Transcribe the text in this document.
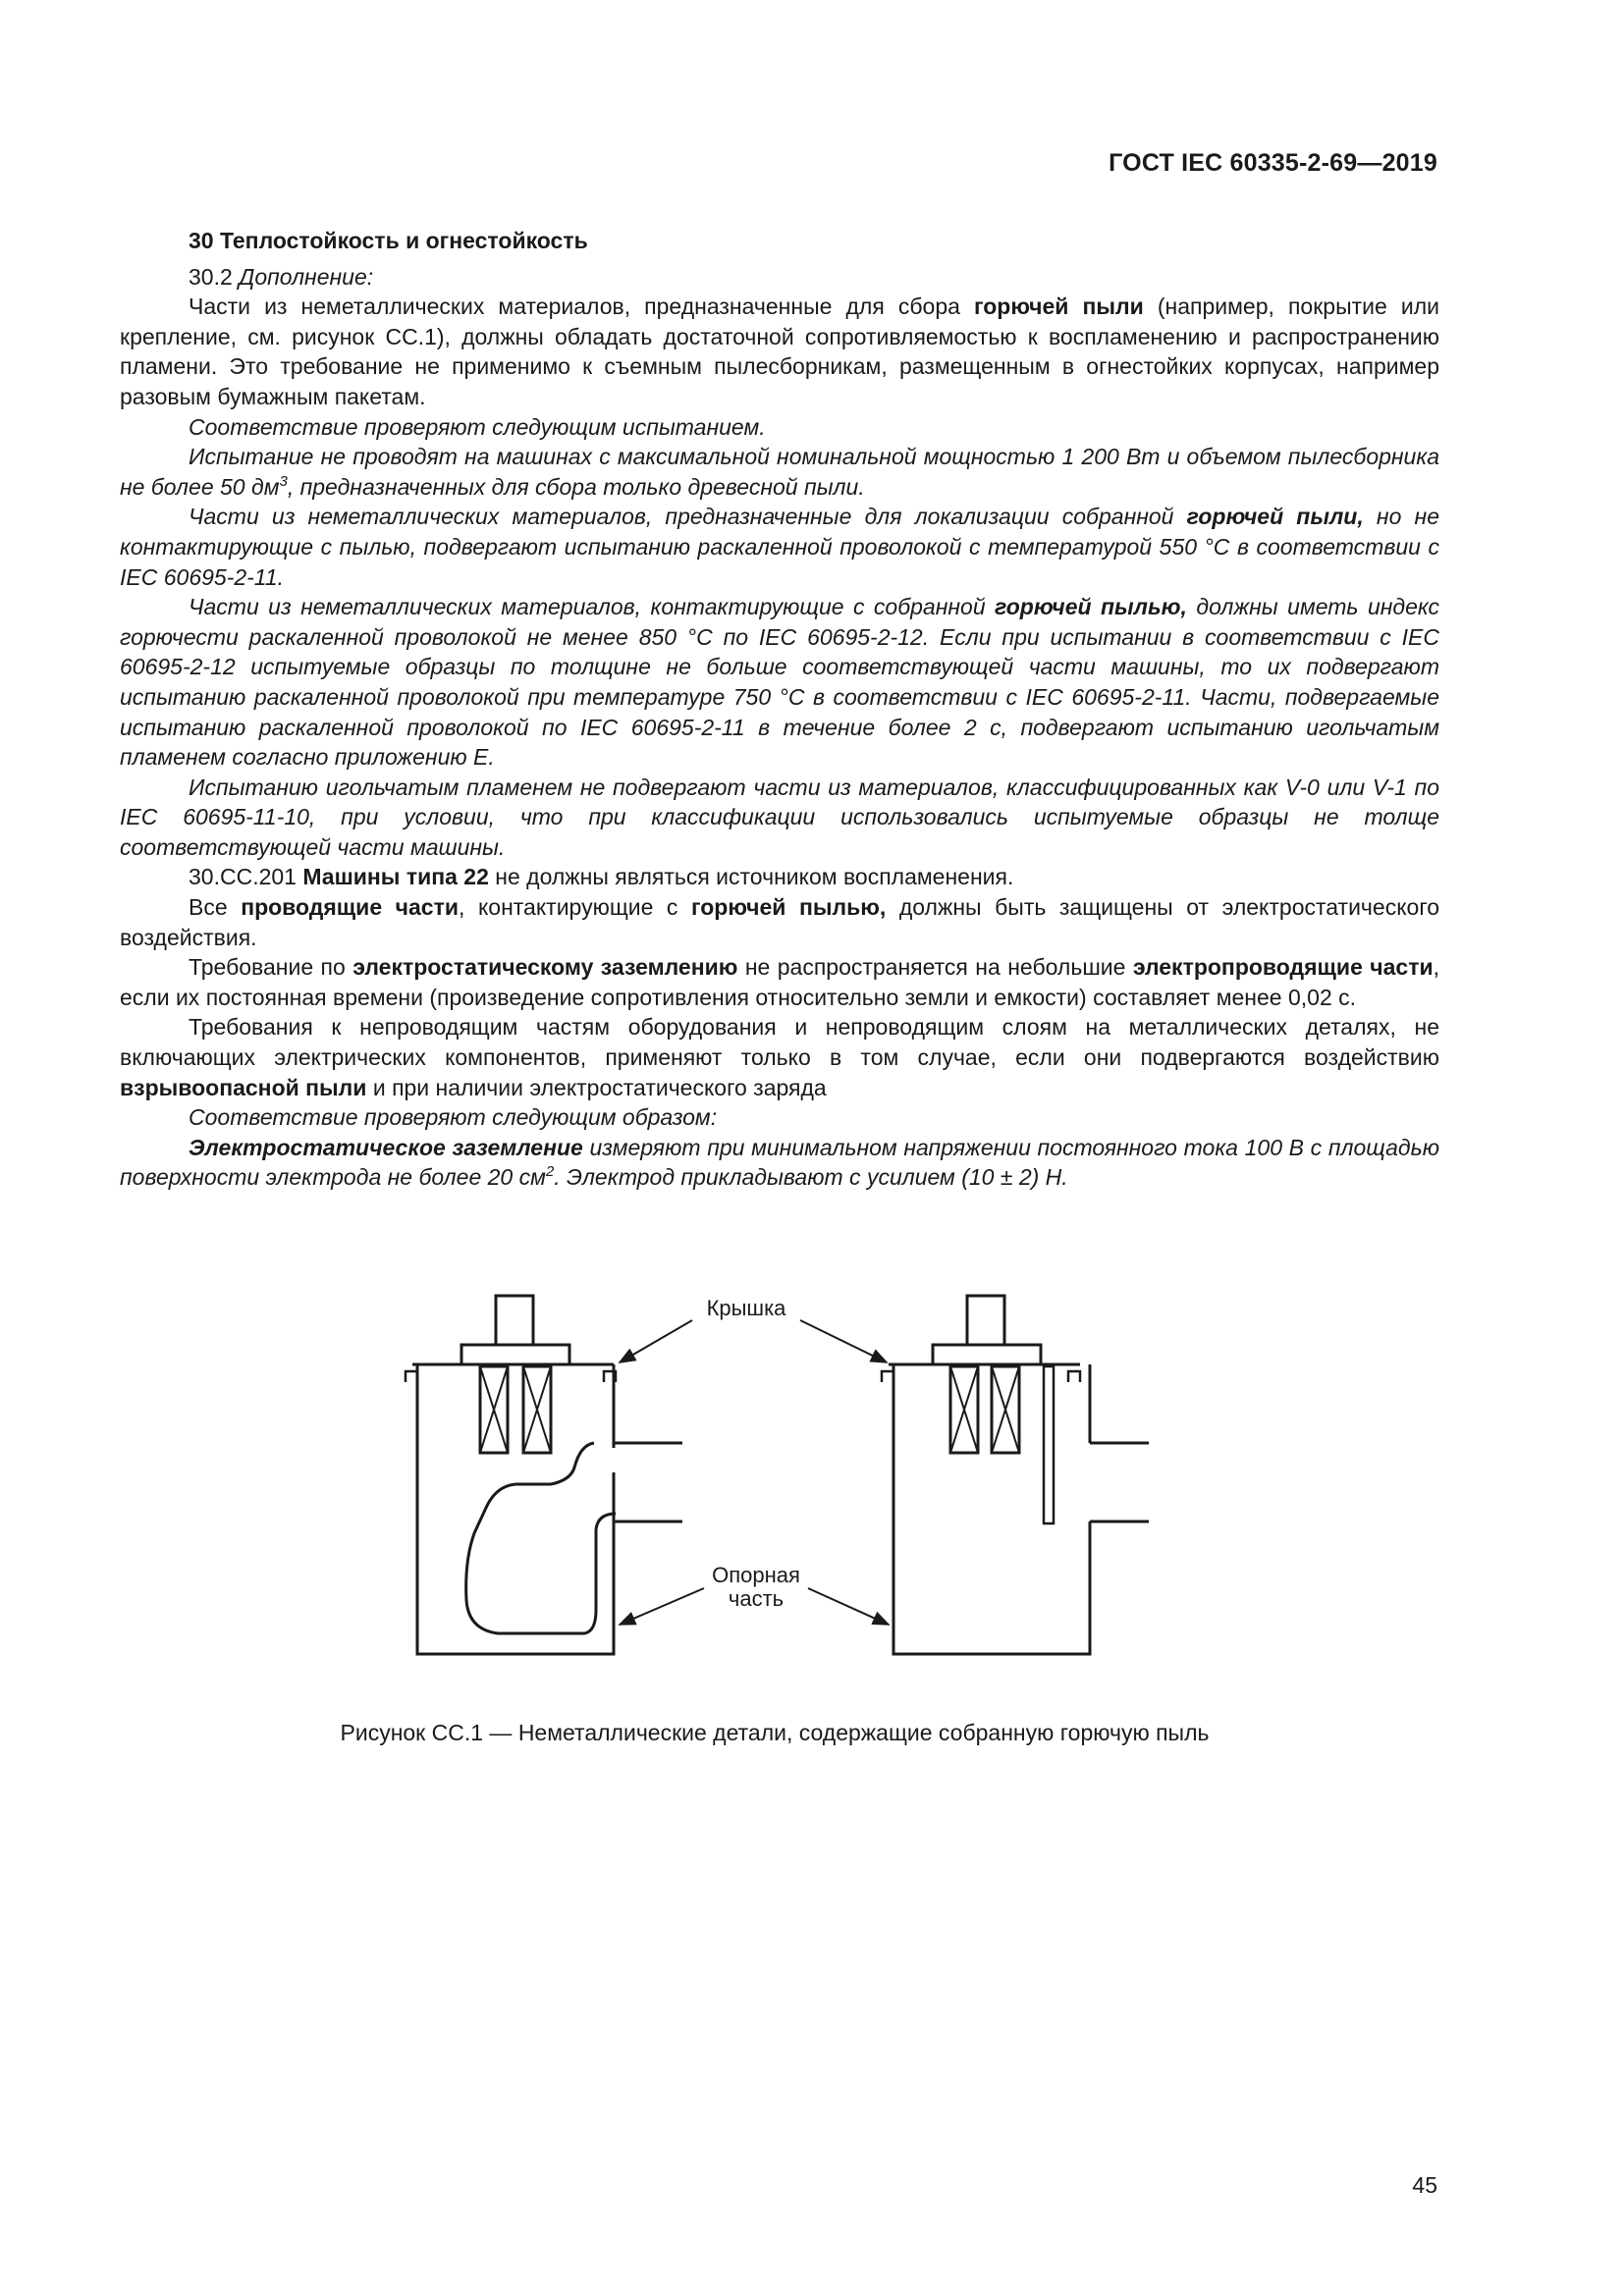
ГОСТ IEC 60335-2-69—2019

30 Теплостойкость и огнестойкость

30.2 Дополнение:

Части из неметаллических материалов, предназначенные для сбора горючей пыли (например, покрытие или крепление, см. рисунок СС.1), должны обладать достаточной сопротивляемостью к воспламенению и распространению пламени. Это требование не применимо к съемным пылесборникам, размещенным в огнестойких корпусах, например разовым бумажным пакетам.

Соответствие проверяют следующим испытанием.

Испытание не проводят на машинах с максимальной номинальной мощностью 1 200 Вт и объемом пылесборника не более 50 $дм^3$, предназначенных для сбора только древесной пыли.

Части из неметаллических материалов, предназначенные для локализации собранной горючей пыли, но не контактирующие с пылью, подвергают испытанию раскаленной проволокой с температурой 550 °С в соответствии с IEC 60695-2-11.

Части из неметаллических материалов, контактирующие с собранной горючей пылью, должны иметь индекс горючести раскаленной проволокой не менее 850 °С по IEC 60695-2-12. Если при испытании в соответствии с IEC 60695-2-12 испытуемые образцы по толщине не больше соответствующей части машины, то их подвергают испытанию раскаленной проволокой при температуре 750 °С в соответствии с IEC 60695-2-11. Части, подвергаемые испытанию раскаленной проволокой по IEC 60695-2-11 в течение более 2 с, подвергают испытанию игольчатым пламенем согласно приложению Е.

Испытанию игольчатым пламенем не подвергают части из материалов, классифицированных как V-0 или V-1 по IEC 60695-11-10, при условии, что при классификации использовались испытуемые образцы не толще соответствующей части машины.

30.СС.201 Машины типа 22 не должны являться источником воспламенения.

Все проводящие части, контактирующие с горючей пылью, должны быть защищены от электростатического воздействия.

Требование по электростатическому заземлению не распространяется на небольшие электропроводящие части, если их постоянная времени (произведение сопротивления относительно земли и емкости) составляет менее 0,02 с.

Требования к непроводящим частям оборудования и непроводящим слоям на металлических деталях, не включающих электрических компонентов, применяют только в том случае, если они подвергаются воздействию взрывоопасной пыли и при наличии электростатического заряда

Соответствие проверяют следующим образом:

Электростатическое заземление измеряют при минимальном напряжении постоянного тока 100 В с площадью поверхности электрода не более 20 $см^2$. Электрод прикладывают с усилием (10 ± 2) Н.

Крышка
Опорная
часть
Рисунок СС.1 — Неметаллические детали, содержащие собранную горючую пыль
45
